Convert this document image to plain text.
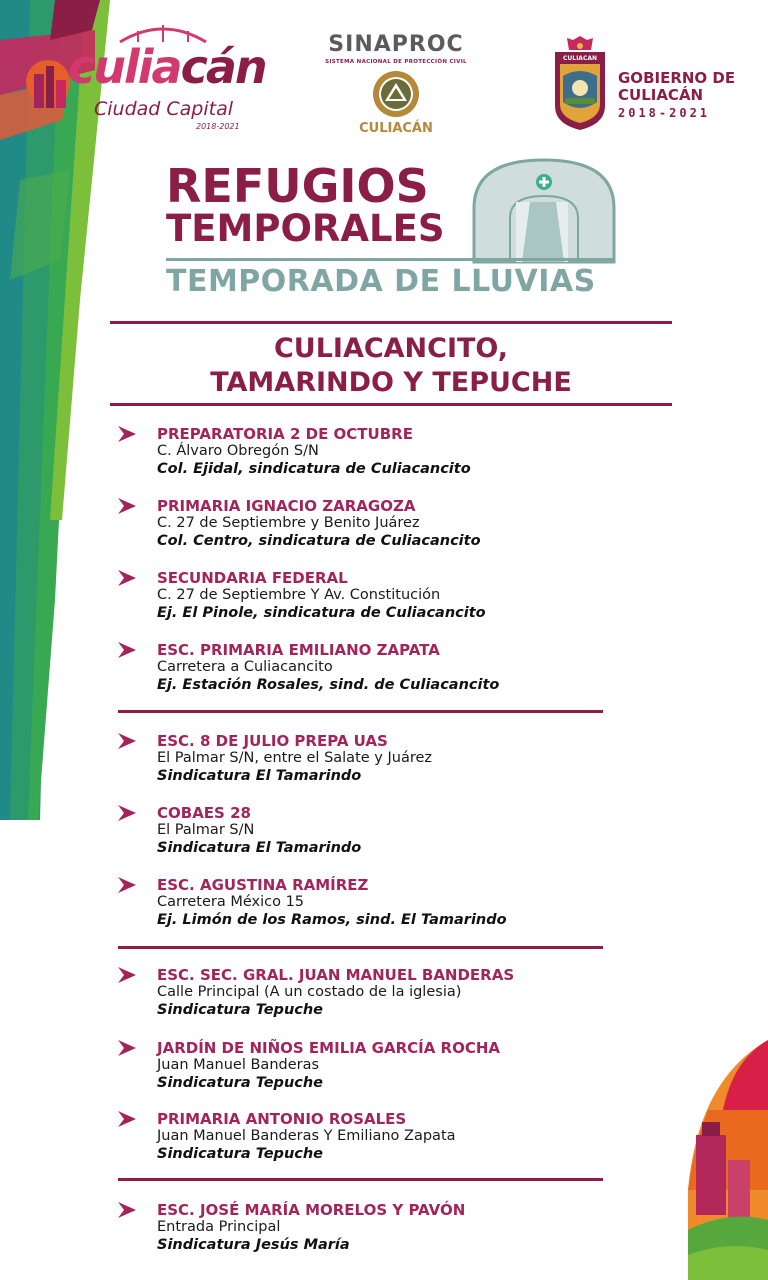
culiacán
Ciudad Capital
2018-2021
SINAPROC
SISTEMA NACIONAL DE PROTECCIÓN CIVIL
CULIACÁN
CULIACAN
GOBIERNO DE
CULIACÁN
2018-2021
REFUGIOS
TEMPORALES
TEMPORADA DE LLUVIAS
CULIACANCITO,
TAMARINDO Y TEPUCHE
PREPARATORIA 2 DE OCTUBRE
C. Álvaro Obregón S/N
Col. Ejidal, sindicatura de Culiacancito
PRIMARIA IGNACIO ZARAGOZA
C. 27 de Septiembre y Benito Juárez
Col. Centro, sindicatura de Culiacancito
SECUNDARIA FEDERAL
C. 27 de Septiembre Y Av. Constitución
Ej. El Pinole, sindicatura de Culiacancito
ESC. PRIMARIA EMILIANO ZAPATA
Carretera a Culiacancito
Ej. Estación Rosales, sind. de Culiacancito
ESC. 8 DE JULIO PREPA UAS
El Palmar S/N, entre el Salate y Juárez
Sindicatura El Tamarindo
COBAES 28
El Palmar S/N
Sindicatura El Tamarindo
ESC. AGUSTINA RAMÍREZ
Carretera México 15
Ej. Limón de los Ramos, sind. El Tamarindo
ESC. SEC. GRAL. JUAN MANUEL BANDERAS
Calle Principal (A un costado de la iglesia)
Sindicatura Tepuche
JARDÍN DE NIÑOS EMILIA GARCÍA ROCHA
Juan Manuel Banderas
Sindicatura Tepuche
PRIMARIA ANTONIO ROSALES
Juan Manuel Banderas Y Emiliano Zapata
Sindicatura Tepuche
ESC. JOSÉ MARÍA MORELOS Y PAVÓN
Entrada Principal
Sindicatura Jesús María
